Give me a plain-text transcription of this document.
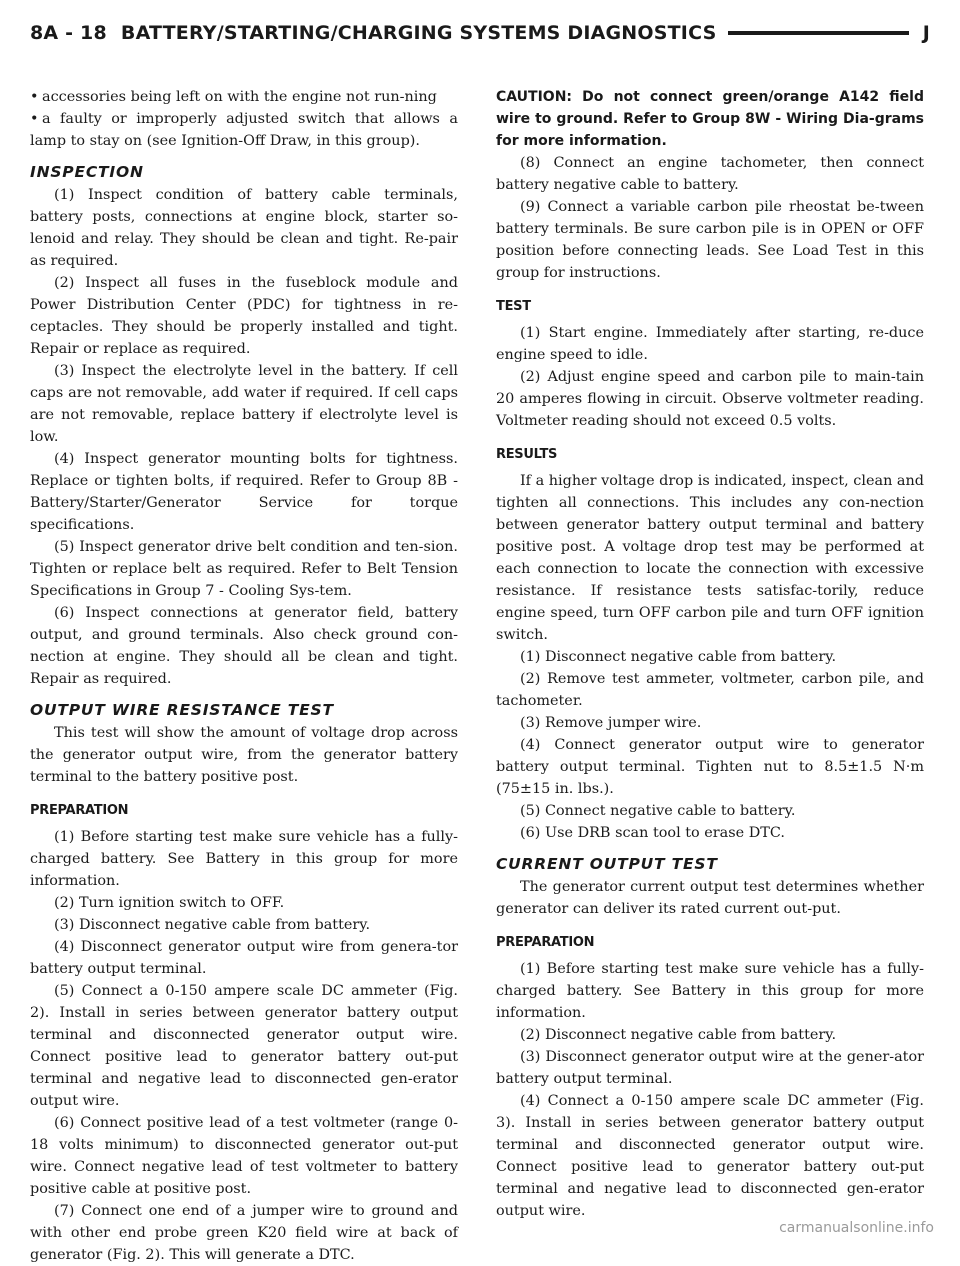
8A - 18 BATTERY/STARTING/CHARGING SYSTEMS DIAGNOSTICS	J

• accessories being left on with the engine not run-ning

• a faulty or improperly adjusted switch that allows a lamp to stay on (see Ignition-Off Draw, in this group).

INSPECTION

(1) Inspect condition of battery cable terminals, battery posts, connections at engine block, starter so-lenoid and relay. They should be clean and tight. Re-pair as required.

(2) Inspect all fuses in the fuseblock module and Power Distribution Center (PDC) for tightness in re-ceptacles. They should be properly installed and tight. Repair or replace as required.

(3) Inspect the electrolyte level in the battery. If cell caps are not removable, add water if required. If cell caps are not removable, replace battery if electrolyte level is low.

(4) Inspect generator mounting bolts for tightness. Replace or tighten bolts, if required. Refer to Group 8B - Battery/Starter/Generator Service for torque specifications.

(5) Inspect generator drive belt condition and ten-sion. Tighten or replace belt as required. Refer to Belt Tension Specifications in Group 7 - Cooling Sys-tem.

(6) Inspect connections at generator field, battery output, and ground terminals. Also check ground con-nection at engine. They should all be clean and tight. Repair as required.

OUTPUT WIRE RESISTANCE TEST

This test will show the amount of voltage drop across the generator output wire, from the generator battery terminal to the battery positive post.

PREPARATION

(1) Before starting test make sure vehicle has a fully-charged battery. See Battery in this group for more information.

(2) Turn ignition switch to OFF.

(3) Disconnect negative cable from battery.

(4) Disconnect generator output wire from genera-tor battery output terminal.

(5) Connect a 0-150 ampere scale DC ammeter (Fig. 2). Install in series between generator battery output terminal and disconnected generator output wire. Connect positive lead to generator battery out-put terminal and negative lead to disconnected gen-erator output wire.

(6) Connect positive lead of a test voltmeter (range 0-18 volts minimum) to disconnected generator out-put wire. Connect negative lead of test voltmeter to battery positive cable at positive post.

(7) Connect one end of a jumper wire to ground and with other end probe green K20 field wire at back of generator (Fig. 2). This will generate a DTC.

CAUTION: Do not connect green/orange A142 field wire to ground. Refer to Group 8W - Wiring Dia-grams for more information.

(8) Connect an engine tachometer, then connect battery negative cable to battery.

(9) Connect a variable carbon pile rheostat be-tween battery terminals. Be sure carbon pile is in OPEN or OFF position before connecting leads. See Load Test in this group for instructions.

TEST

(1) Start engine. Immediately after starting, re-duce engine speed to idle.

(2) Adjust engine speed and carbon pile to main-tain 20 amperes flowing in circuit. Observe voltmeter reading. Voltmeter reading should not exceed 0.5 volts.

RESULTS

If a higher voltage drop is indicated, inspect, clean and tighten all connections. This includes any con-nection between generator battery output terminal and battery positive post. A voltage drop test may be performed at each connection to locate the connection with excessive resistance. If resistance tests satisfac-torily, reduce engine speed, turn OFF carbon pile and turn OFF ignition switch.

(1) Disconnect negative cable from battery.

(2) Remove test ammeter, voltmeter, carbon pile, and tachometer.

(3) Remove jumper wire.

(4) Connect generator output wire to generator battery output terminal. Tighten nut to 8.5±1.5 N·m (75±15 in. lbs.).

(5) Connect negative cable to battery.

(6) Use DRB scan tool to erase DTC.

CURRENT OUTPUT TEST

The generator current output test determines whether generator can deliver its rated current out-put.

PREPARATION

(1) Before starting test make sure vehicle has a fully-charged battery. See Battery in this group for more information.

(2) Disconnect negative cable from battery.

(3) Disconnect generator output wire at the gener-ator battery output terminal.

(4) Connect a 0-150 ampere scale DC ammeter (Fig. 3). Install in series between generator battery output terminal and disconnected generator output wire. Connect positive lead to generator battery out-put terminal and negative lead to disconnected gen-erator output wire.

carmanualsonline.info
